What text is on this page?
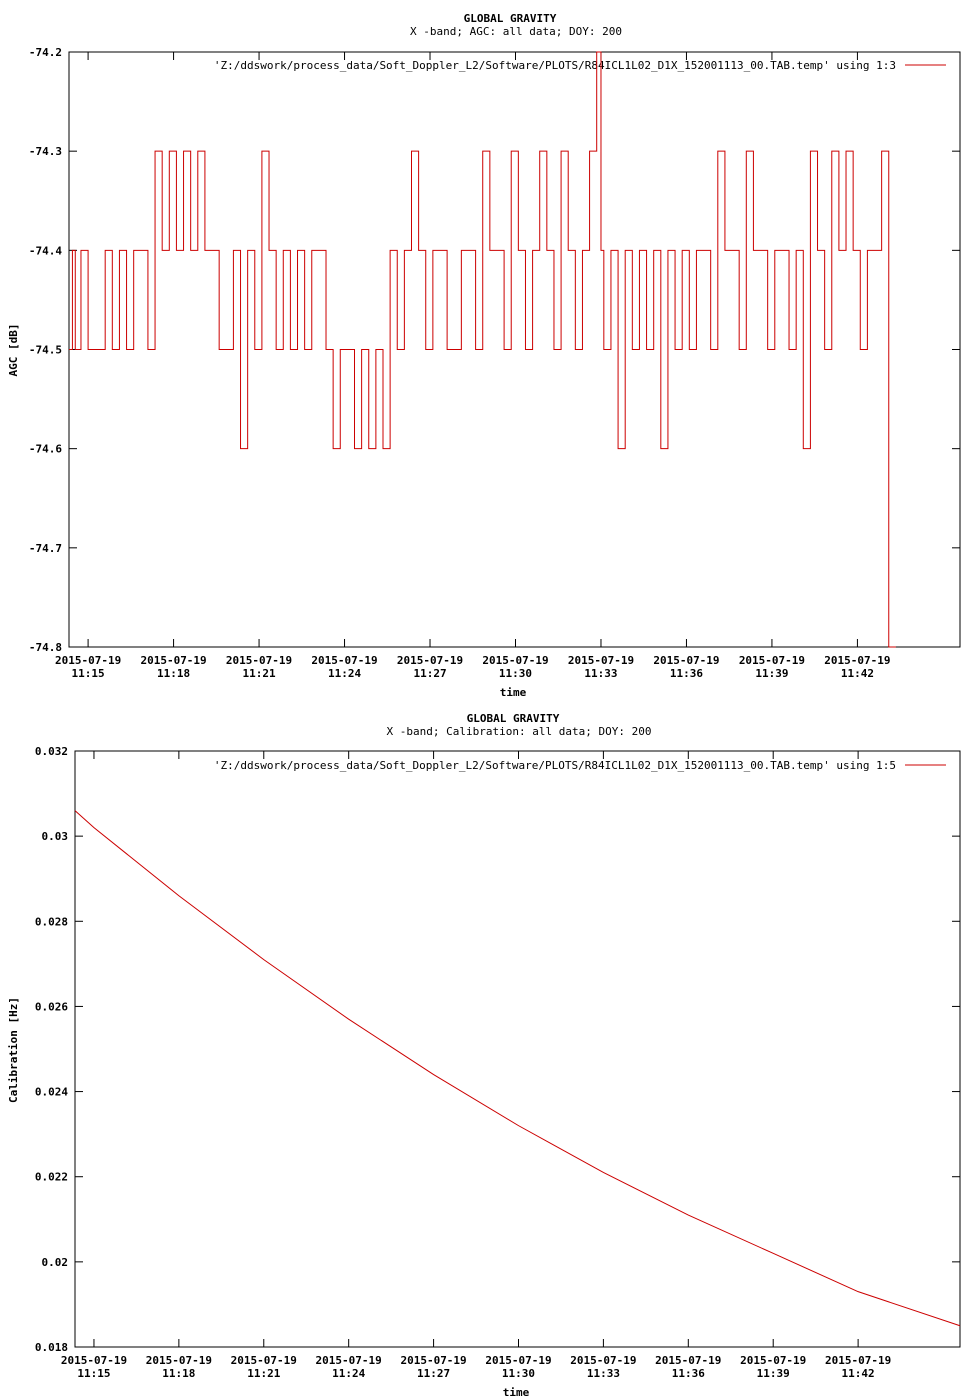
GLOBAL GRAVITY
X -band; AGC: all data; DOY: 200
AGC [dB]
time
'Z:/ddswork/process_data/Soft_Doppler_L2/Software/PLOTS/R84ICL1L02_D1X_152001113_00.TAB.temp' using 1:3
-74.2
-74.3
-74.4
-74.5
-74.6
-74.7
-74.8
2015-07-19
11:15
2015-07-19
11:18
2015-07-19
11:21
2015-07-19
11:24
2015-07-19
11:27
2015-07-19
11:30
2015-07-19
11:33
2015-07-19
11:36
2015-07-19
11:39
2015-07-19
11:42
GLOBAL GRAVITY
X -band; Calibration: all data; DOY: 200
Calibration [Hz]
time
'Z:/ddswork/process_data/Soft_Doppler_L2/Software/PLOTS/R84ICL1L02_D1X_152001113_00.TAB.temp' using 1:5
0.032
0.03
0.028
0.026
0.024
0.022
0.02
0.018
2015-07-19
11:15
2015-07-19
11:18
2015-07-19
11:21
2015-07-19
11:24
2015-07-19
11:27
2015-07-19
11:30
2015-07-19
11:33
2015-07-19
11:36
2015-07-19
11:39
2015-07-19
11:42
